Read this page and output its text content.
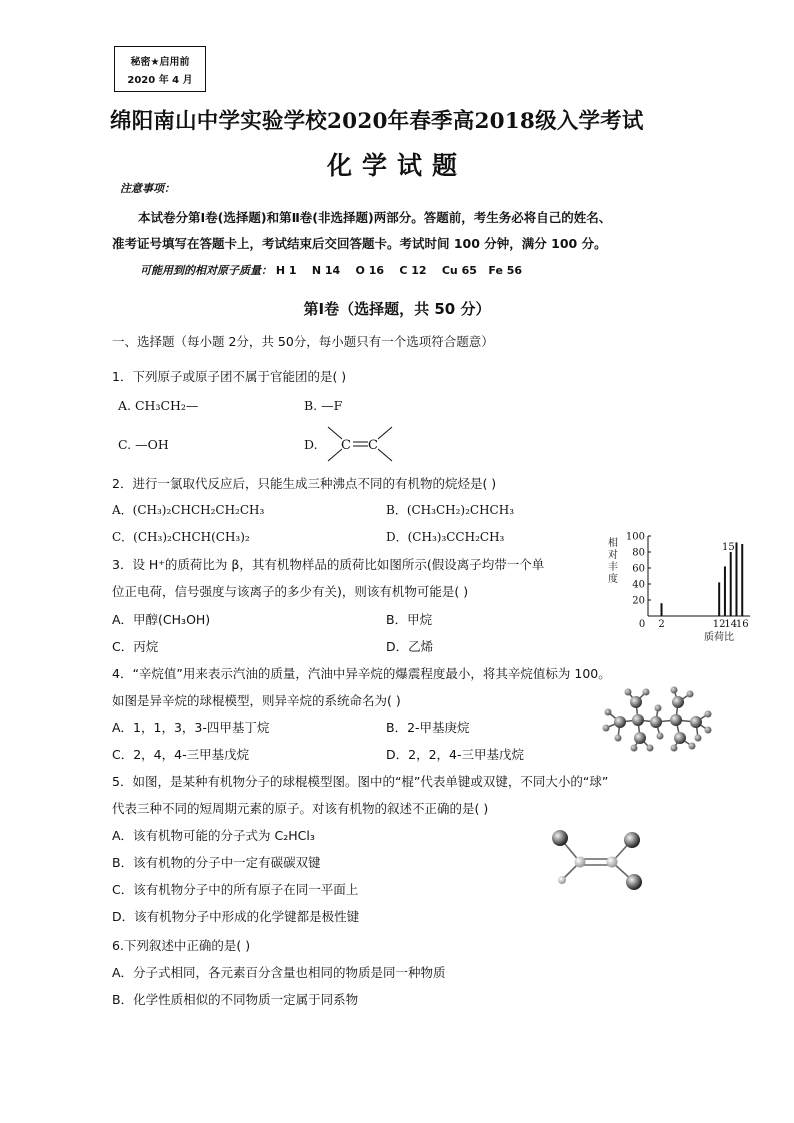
秘密★启用前
2020 年 4 月
绵阳南山中学实验学校2020年春季高2018级入学考试
化学试题
注意事项：
本试卷分第Ⅰ卷(选择题)和第Ⅱ卷(非选择题)两部分。答题前，考生务必将自己的姓名、
准考证号填写在答题卡上，考试结束后交回答题卡。考试时间 100 分钟，满分 100 分。
可能用到的相对原子质量： H 1    N 14    O 16    C 12    Cu 65   Fe 56
第Ⅰ卷（选择题，共 50 分）
一、选择题（每小题 2分，共 50分，每小题只有一个选项符合题意）
1．下列原子或原子团不属于官能团的是( )
A. CH₃CH₂—	B. —F
C. —OH	D. C C
2．进行一氯取代反应后，只能生成三种沸点不同的有机物的烷烃是( )
A．(CH₃)₂CHCH₂CH₂CH₃	B．(CH₃CH₂)₂CHCH₃
C．(CH₃)₂CHCH(CH₃)₂	D．(CH₃)₃CCH₂CH₃
3．设 H⁺的质荷比为 β，其有机物样品的质荷比如图所示(假设离子均带一个单
位正电荷，信号强度与该离子的多少有关)，则该有机物可能是( )
A．甲醇(CH₃OH)	B．甲烷
C．丙烷	D．乙烯
相
对
丰
度
20
40
60
80
100
0 2	12
14
16
15
质荷比
4．“辛烷值”用来表示汽油的质量，汽油中异辛烷的爆震程度最小，将其辛烷值标为 100。
如图是异辛烷的球棍模型，则异辛烷的系统命名为( )
A．1，1，3，3-四甲基丁烷	B．2-甲基庚烷
C．2，4，4-三甲基戊烷	D．2，2，4-三甲基戊烷
5．如图，是某种有机物分子的球棍模型图。图中的“棍”代表单键或双键，不同大小的“球”
代表三种不同的短周期元素的原子。对该有机物的叙述不正确的是( )
A．该有机物可能的分子式为 C₂HCl₃
B．该有机物的分子中一定有碳碳双键
C．该有机物分子中的所有原子在同一平面上
D．该有机物分子中形成的化学键都是极性键
6.下列叙述中正确的是( )
A．分子式相同，各元素百分含量也相同的物质是同一种物质
B．化学性质相似的不同物质一定属于同系物
